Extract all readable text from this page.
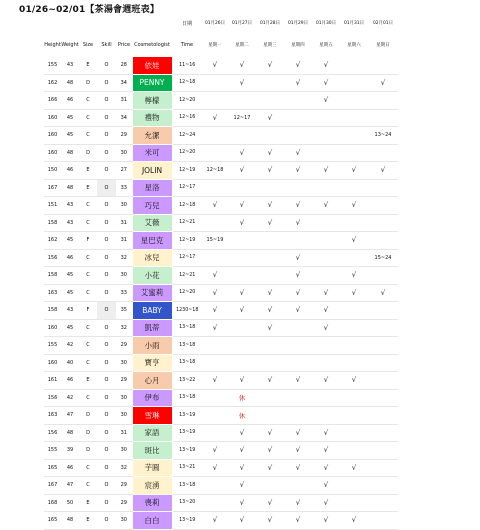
01/26~02/01【茶湯會週班表】
						日期	01月26日	01月27日	01月28日	01月29日	01月30日	01月31日	02月01日
Height	Weight	Size	Skill	Price	Cosmetologist	Time	星期一	星期二	星期三	星期四	星期五	星期六	星期日
155	43	E	O	28	依娃	11~16	√	√	√	√	√		
162	48	D	O	34	PENNY	12~18		√		√	√		√
166	46	C	O	31	檸檬	12~20					√		
160	45	C	O	34	禮物	12~16	√	12~17	√				
160	45	C	O	29	允潔	12~24							13~24
160	48	D	O	30	米可	12~20		√	√	√			
150	46	E	O	27	JOLIN	12~19	12~18	√	√	√	√	√	√
167	48	E	O	33	星洛	12~17							
151	43	C	O	30	巧兒	12~18	√	√	√	√	√	√	
158	43	C	O	31	艾薇	12~21		√	√	√			
162	45	F	O	31	星巴克	12~19	15~19					√	
156	46	C	O	32	冰兒	12~17				√			15~24
158	45	C	O	30	小花	12~21	√			√		√	
163	45	C	O	33	艾蜜莉	12~20	√	√	√	√	√	√	√
158	43	F	O	35	BABY	1230~18	√	√	√	√	√		
160	45	C	O	32	凱蒂	13~18	√		√		√		
155	42	C	O	29	小雨	13~18							
160	40	C	O	30	寶亨	13~18							
161	46	E	O	29	心月	13~22	√	√	√	√	√	√	
156	42	C	O	30	伊布	13~18		休					
163	47	D	O	30	雪琳	13~19		休					
156	48	D	O	31	家語	13~19		√	√	√	√		
155	39	D	O	30	斑比	13~19	√	√	√	√	√		
165	46	C	O	32	芋圓	13~21	√	√	√	√	√	√	
167	47	C	O	29	宸湧	13~18		√			√		
168	50	E	O	29	喪莉	13~20		√	√	√	√		
165	48	E	O	30	白白	13~19	√	√	√	√	√	√	
